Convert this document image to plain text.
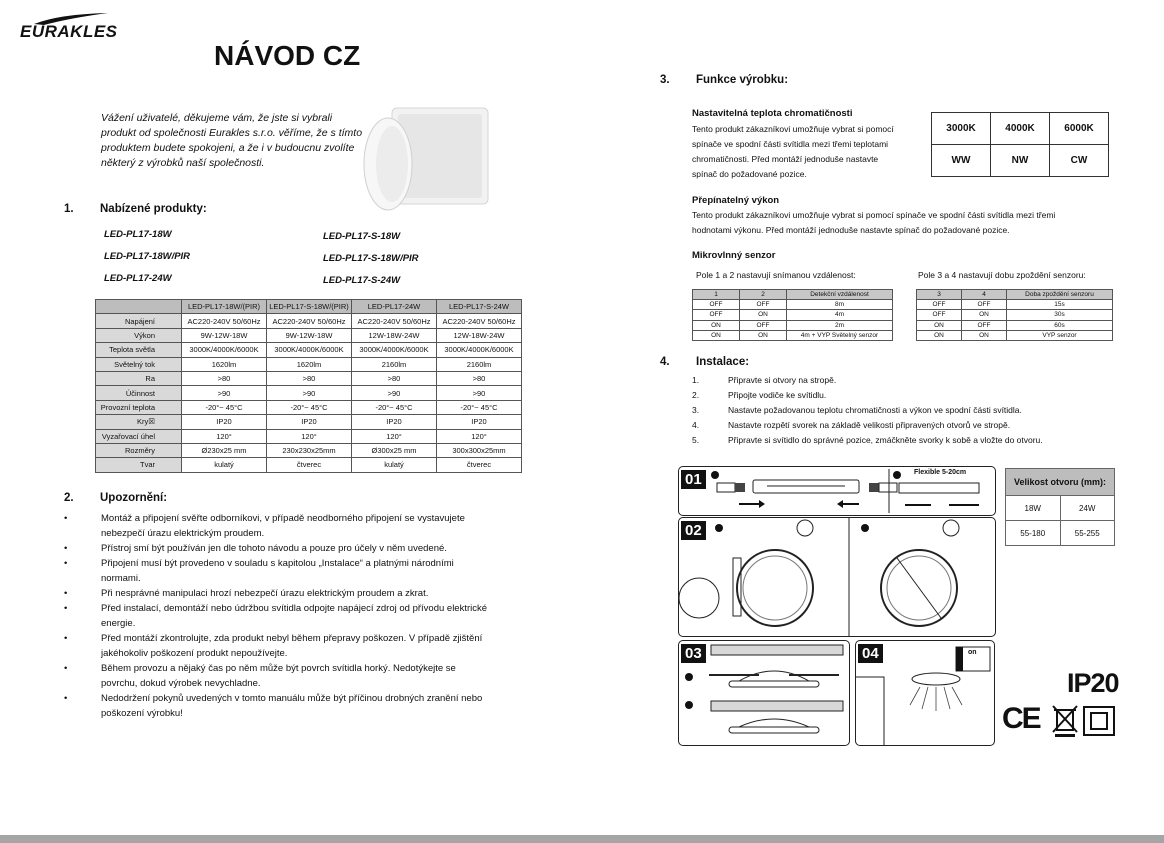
EURAKLES
NÁVOD CZ
Vážení uživatelé, děkujeme vám, že jste si vybrali produkt od společnosti Eurakles s.r.o. věříme, že s tímto produktem budete spokojeni, a že i v budoucnu zvolíte některý z výrobků naší společnosti.
1. Nabízené produkty:
LED-PL17-18W
LED-PL17-18W/PIR
LED-PL17-24W
LED-PL17-S-18W
LED-PL17-S-18W/PIR
LED-PL17-S-24W
	LED-PL17-18W/(PIR)	LED-PL17-S-18W/(PIR)	LED-PL17-24W	LED-PL17-S-24W
Napájení	AC220-240V 50/60Hz	AC220-240V 50/60Hz	AC220-240V 50/60Hz	AC220-240V 50/60Hz
Výkon	9W-12W-18W	9W-12W-18W	12W-18W-24W	12W-18W-24W
Teplota světla	3000K/4000K/6000K	3000K/4000K/6000K	3000K/4000K/6000K	3000K/4000K/6000K
Světelný tok	1620lm	1620lm	2160lm	2160lm
Ra	>80	>80	>80	>80
Účinnost	>90	>90	>90	>90
Provozní teplota	-20°~ 45°C	-20°~ 45°C	-20°~ 45°C	-20°~ 45°C
Kry☒	IP20	IP20	IP20	IP20
Vyzařovací úhel	120°	120°	120°	120°
Rozměry	Ø230x25 mm	230x230x25mm	Ø300x25 mm	300x300x25mm
Tvar	kulatý	čtverec	kulatý	čtverec
2. Upozornění:
• Montáž a připojení svěřte odborníkovi, v případě neodborného připojení se vystavujete nebezpečí úrazu elektrickým proudem.
• Přístroj smí být používán jen dle tohoto návodu a pouze pro účely v něm uvedené.
• Připojení musí být provedeno v souladu s kapitolou „Instalace“ a platnými národními normami.
• Při nesprávné manipulaci hrozí nebezpečí úrazu elektrickým proudem a zkrat.
• Před instalací, demontáží nebo údržbou svítidla odpojte napájecí zdroj od přívodu elektrické energie.
• Před montáží zkontrolujte, zda produkt nebyl během přepravy poškozen. V případě zjištění jakéhokoliv poškození produkt nepoužívejte.
• Během provozu a nějaký čas po něm může být povrch svítidla horký. Nedotýkejte se povrchu, dokud výrobek nevychladne.
• Nedodržení pokynů uvedených v tomto manuálu může být příčinou drobných zranění nebo poškození výrobku!
3. Funkce výrobku:
Nastavitelná teplota chromatičnosti
Tento produkt zákazníkovi umožňuje vybrat si pomocí
spínače ve spodní části svítidla mezi třemi teplotami
chromatičnosti. Před montáží jednoduše nastavte
spínač do požadované pozice.
3000K	4000K	6000K
WW	NW	CW
Přepínatelný výkon
Tento produkt zákazníkovi umožňuje vybrat si pomocí spínače ve spodní části svítidla mezi třemi
hodnotami výkonu. Před montáží jednoduše nastavte spínač do požadované pozice.
Mikrovlnný senzor
Pole 1 a 2 nastavují snímanou vzdálenost:	Pole 3 a 4 nastavují dobu zpoždění senzoru:
1	2	Detekční vzdálenost
OFF	OFF	8m
OFF	ON	4m
ON	OFF	2m
ON	ON	4m + VYP Světelný senzor
3	4	Doba zpoždění senzoru
OFF	OFF	15s
OFF	ON	30s
ON	OFF	60s
ON	ON	VYP senzor
4. Instalace:
1.	Připravte si otvory na stropě.
2.	Připojte vodiče ke svítidlu.
3.	Nastavte požadovanou teplotu chromatičnosti a výkon ve spodní části svítidla.
4.	Nastavte rozpětí svorek na základě velikosti připravených otvorů ve stropě.
5.	Připravte si svítidlo do správné pozice, zmáčkněte svorky k sobě a vložte do otvoru.
01	Flexible 5-20cm
02
03	04	on
Velikost otvoru (mm):	
18W	24W
55-180	55-255
IP20
CE
